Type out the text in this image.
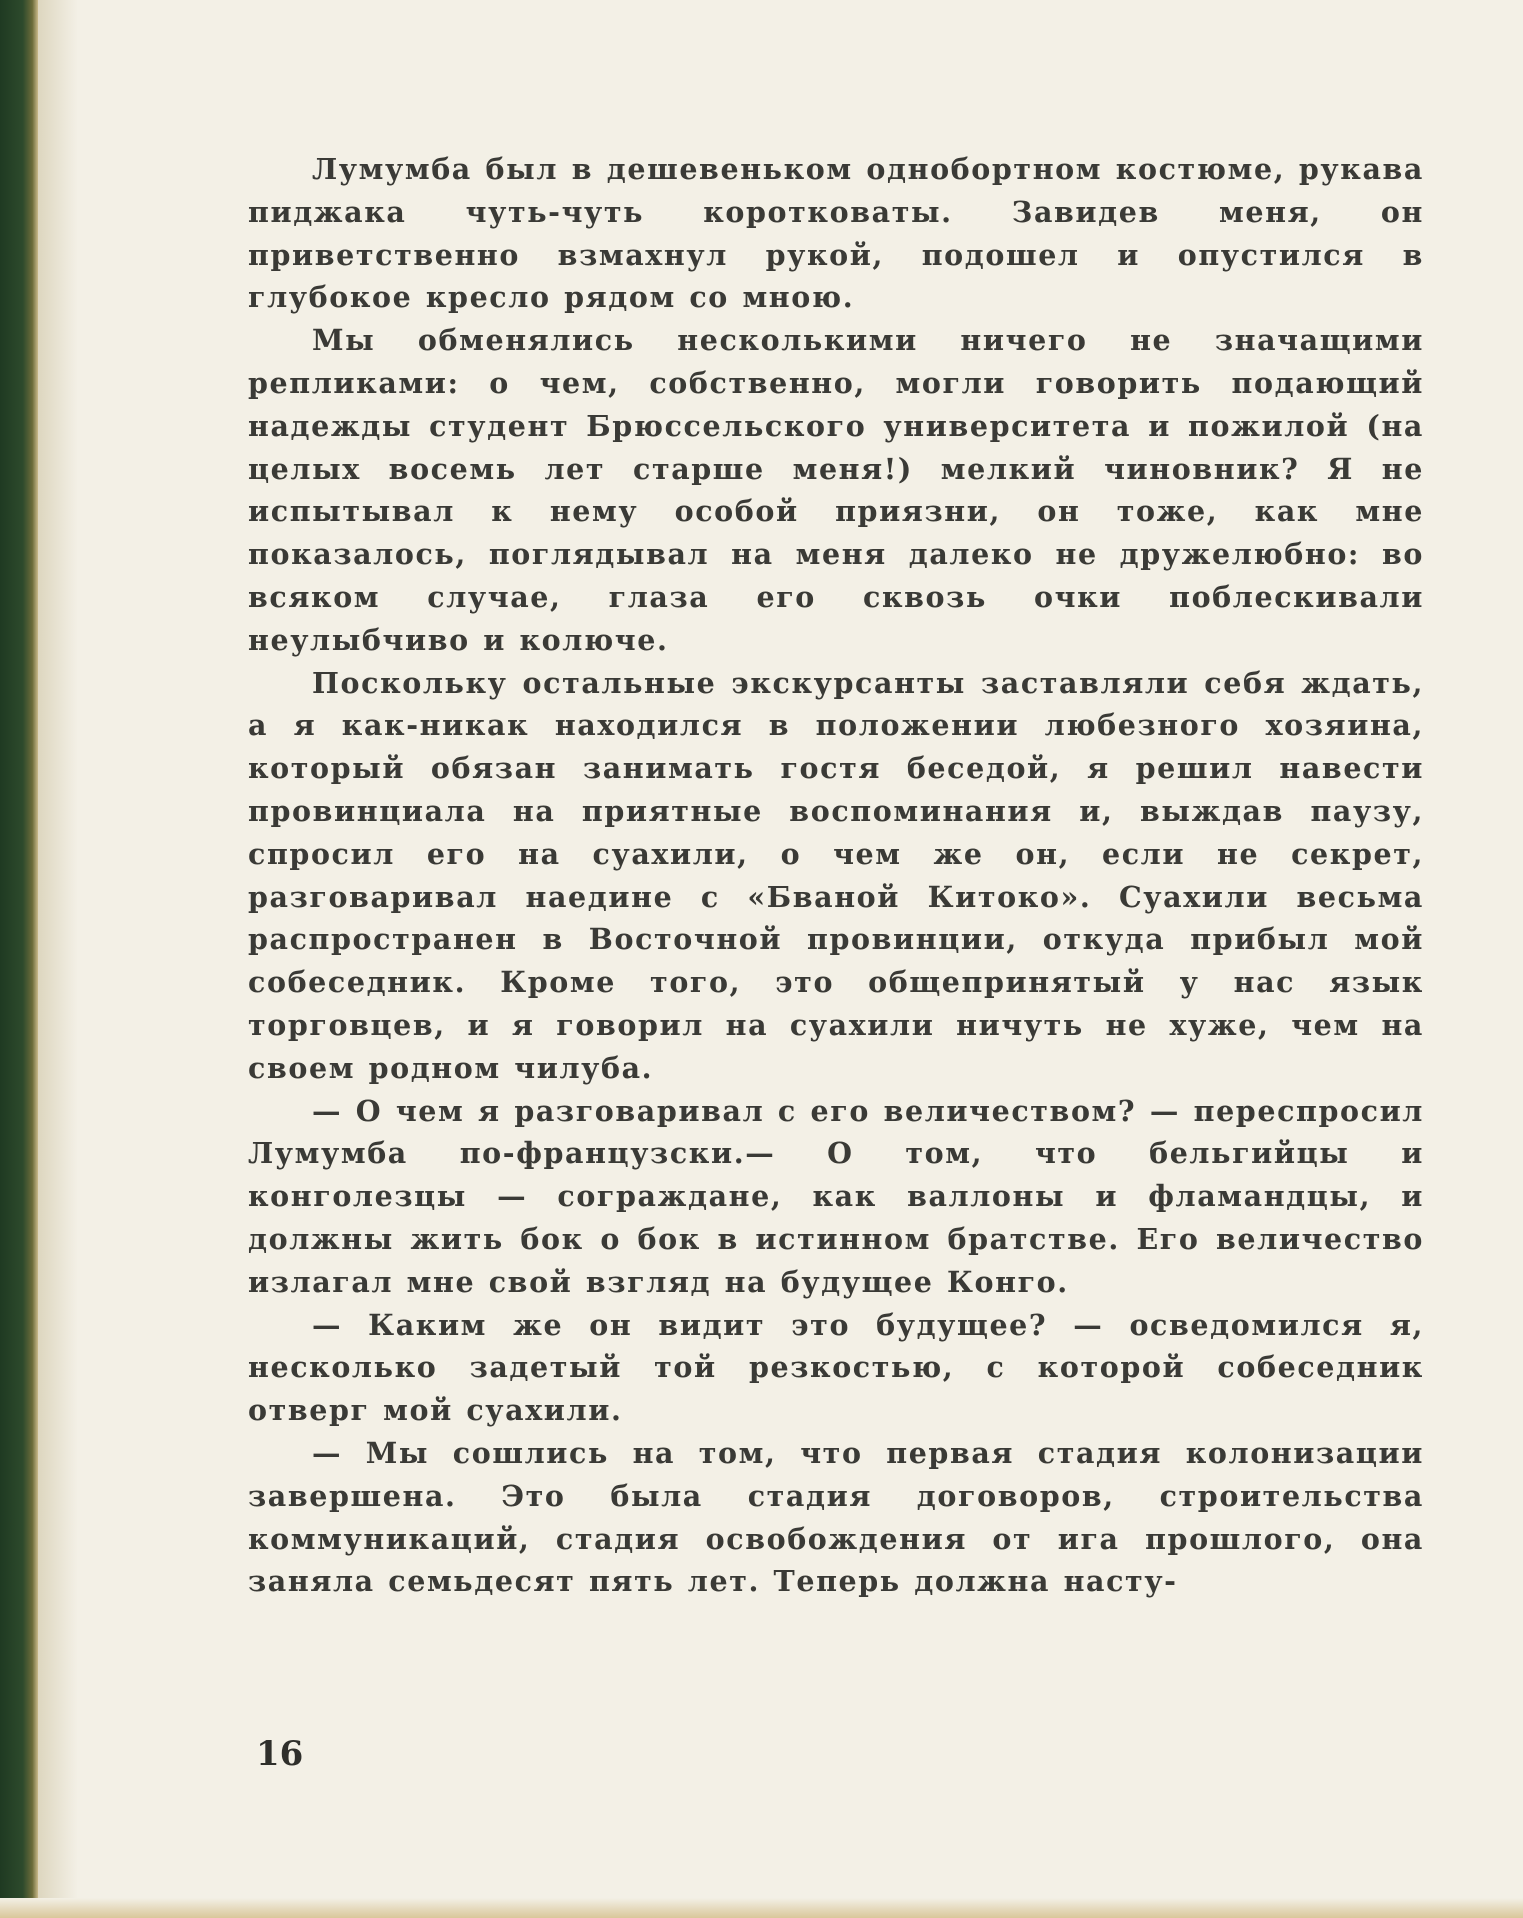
Лумумба был в дешевеньком однобортном костюме, рукава пиджака чуть-чуть коротковаты. Завидев меня, он приветственно взмахнул рукой, подошел и опустился в глубокое кресло рядом со мною.

Мы обменялись несколькими ничего не значащими репликами: о чем, собственно, могли говорить подающий надежды студент Брюссельского университета и пожилой (на целых восемь лет старше меня!) мелкий чиновник? Я не испытывал к нему особой приязни, он тоже, как мне показалось, поглядывал на меня далеко не дружелюбно: во всяком случае, глаза его сквозь очки поблескивали неулыбчиво и колюче.

Поскольку остальные экскурсанты заставляли себя ждать, а я как-никак находился в положении любезного хозяина, который обязан занимать гостя беседой, я решил навести провинциала на приятные воспоминания и, выждав паузу, спросил его на суахили, о чем же он, если не секрет, разговаривал наедине с «Бваной Китоко». Суахили весьма распространен в Восточной провинции, откуда прибыл мой собеседник. Кроме того, это общепринятый у нас язык торговцев, и я говорил на суахили ничуть не хуже, чем на своем родном чилуба.

— О чем я разговаривал с его величеством? — переспросил Лумумба по-французски.— О том, что бельгийцы и конголезцы — сограждане, как валлоны и фламандцы, и должны жить бок о бок в истинном братстве. Его величество излагал мне свой взгляд на будущее Конго.

— Каким же он видит это будущее? — осведомился я, несколько задетый той резкостью, с которой собеседник отверг мой суахили.

— Мы сошлись на том, что первая стадия колонизации завершена. Это была стадия договоров, строительства коммуникаций, стадия освобождения от ига прошлого, она заняла семьдесят пять лет. Теперь должна насту-

16
